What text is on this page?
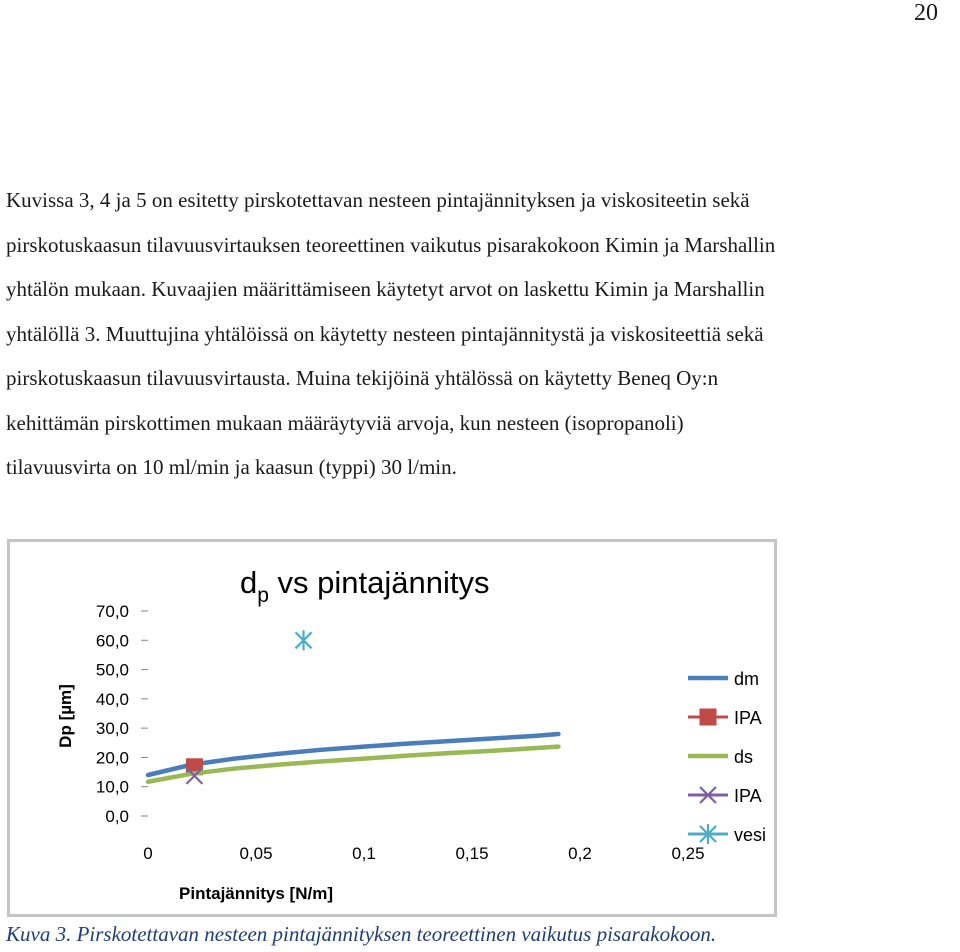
20
Kuvissa 3, 4 ja 5 on esitetty pirskotettavan nesteen pintajännityksen ja viskositeetin sekä
pirskotuskaasun tilavuusvirtauksen teoreettinen vaikutus pisarakokoon Kimin ja Marshallin
yhtälön mukaan. Kuvaajien määrittämiseen käytetyt arvot on laskettu Kimin ja Marshallin
yhtälöllä 3. Muuttujina yhtälöissä on käytetty nesteen pintajännitystä ja viskositeettiä sekä
pirskotuskaasun tilavuusvirtausta. Muina tekijöinä yhtälössä on käytetty Beneq Oy:n
kehittämän pirskottimen mukaan määräytyviä arvoja, kun nesteen (isopropanoli)
tilavuusvirta on 10 ml/min ja kaasun (typpi) 30 l/min.
$d_p$ vs pintajännitys
0,0
10,0
20,0
30,0
40,0
50,0
60,0
70,0
0	0,05	0,1	0,15	0,2	0,25
Pintajännitys [N/m]
Dp [µm]
dm
IPA
ds
IPA
vesi
Kuva 3. Pirskotettavan nesteen pintajännityksen teoreettinen vaikutus pisarakokoon.
